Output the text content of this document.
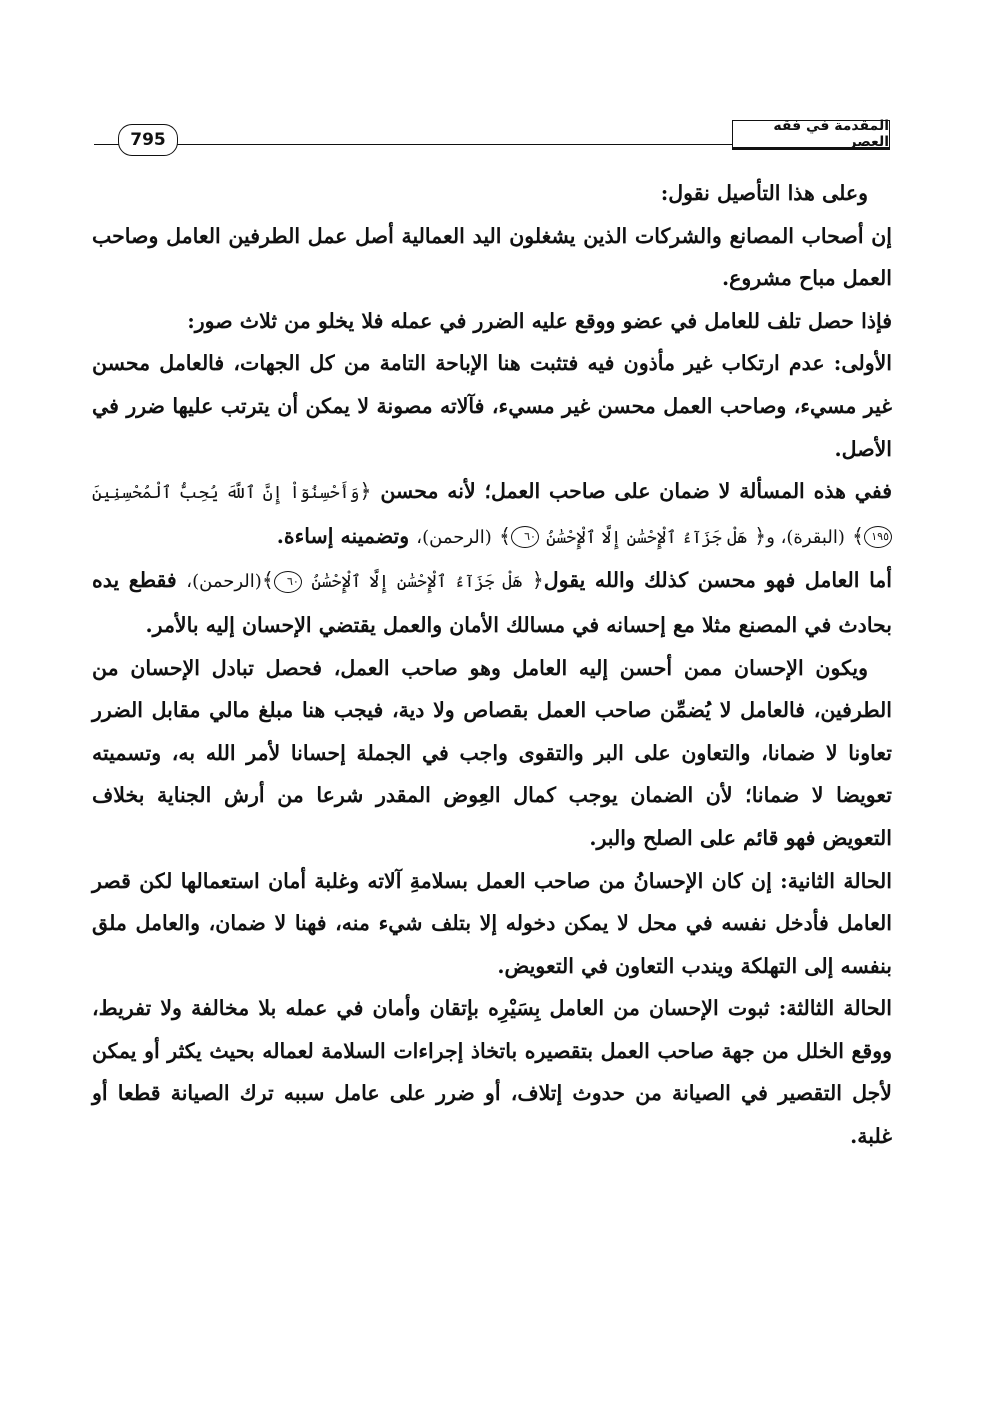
795
المقدمة في فقه العصر

وعلى هذا التأصيل نقول:

إن أصحاب المصانع والشركات الذين يشغلون اليد العمالية أصل عمل الطرفين العامل وصاحب العمل مباح مشروع.

فإذا حصل تلف للعامل في عضو ووقع عليه الضرر في عمله فلا يخلو من ثلاث صور:

الأولى: عدم ارتكاب غير مأذون فيه فتثبت هنا الإباحة التامة من كل الجهات، فالعامل محسن غير مسيء، وصاحب العمل محسن غير مسيء، فآلاته مصونة لا يمكن أن يترتب عليها ضرر في الأصل.

ففي هذه المسألة لا ضمان على صاحب العمل؛ لأنه محسن ﴿وَأَحْسِنُوٓاْ إِنَّ ٱللَّهَ يُحِبُّ ٱلْمُحْسِنِينَ ١٩٥﴾ (البقرة)، و﴿ هَلْ جَزَآءُ ٱلْإِحْسَٰنِ إِلَّا ٱلْإِحْسَٰنُ ٦٠﴾ (الرحمن)، وتضمينه إساءة.

أما العامل فهو محسن كذلك والله يقول﴿ هَلْ جَزَآءُ ٱلْإِحْسَٰنِ إِلَّا ٱلْإِحْسَٰنُ ٦٠﴾(الرحمن)، فقطع يده بحادث في المصنع مثلا مع إحسانه في مسالك الأمان والعمل يقتضي الإحسان إليه بالأمر.

ويكون الإحسان ممن أحسن إليه العامل وهو صاحب العمل، فحصل تبادل الإحسان من الطرفين، فالعامل لا يُضمِّن صاحب العمل بقصاص ولا دية، فيجب هنا مبلغ مالي مقابل الضرر تعاونا لا ضمانا، والتعاون على البر والتقوى واجب في الجملة إحسانا لأمر الله به، وتسميته تعويضا لا ضمانا؛ لأن الضمان يوجب كمال العِوض المقدر شرعا من أرش الجناية بخلاف التعويض فهو قائم على الصلح والبر.

الحالة الثانية: إن كان الإحسانُ من صاحب العمل بسلامةِ آلاته وغلبة أمان استعمالها لكن قصر العامل فأدخل نفسه في محل لا يمكن دخوله إلا بتلف شيء منه، فهنا لا ضمان، والعامل ملق بنفسه إلى التهلكة ويندب التعاون في التعويض.

الحالة الثالثة: ثبوت الإحسان من العامل بِسَيْرِه بإتقان وأمان في عمله بلا مخالفة ولا تفريط، ووقع الخلل من جهة صاحب العمل بتقصيره باتخاذ إجراءات السلامة لعماله بحيث يكثر أو يمكن لأجل التقصير في الصيانة من حدوث إتلاف، أو ضرر على عامل سببه ترك الصيانة قطعا أو غلبة.
